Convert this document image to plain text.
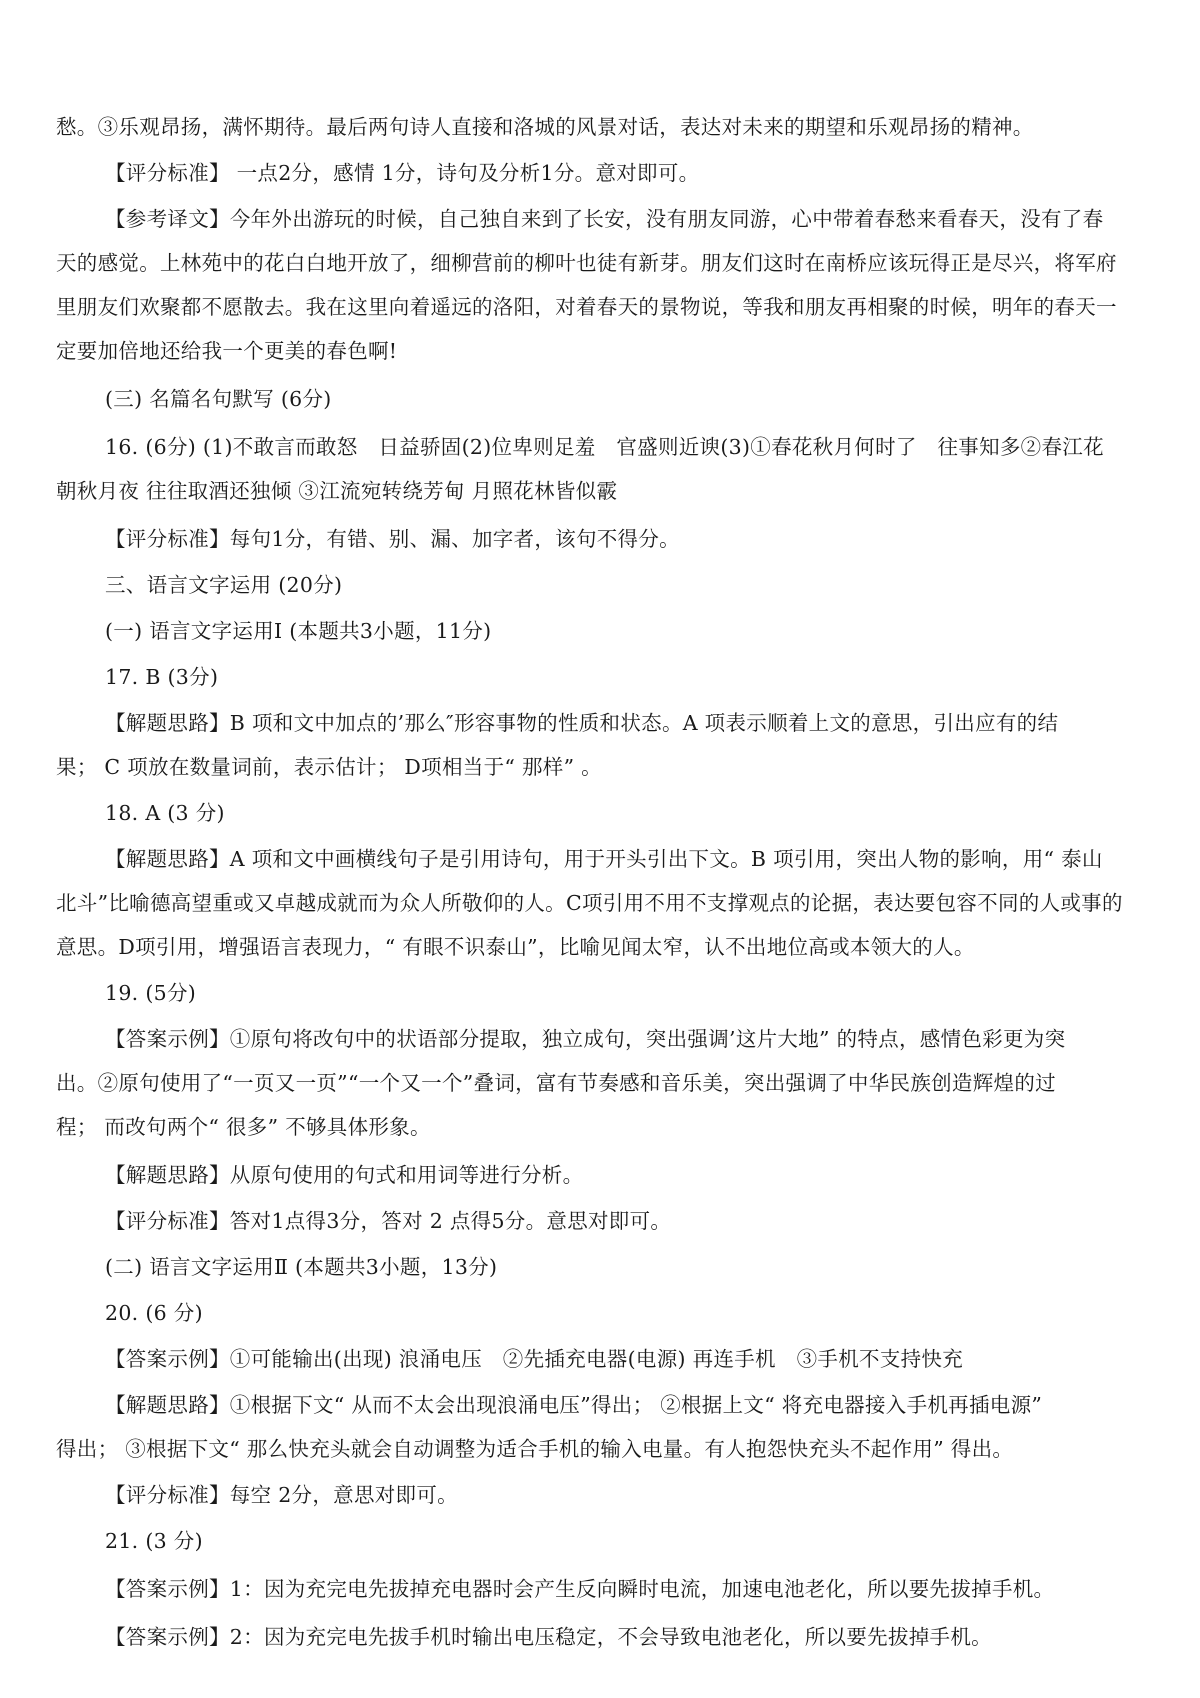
愁。③乐观昂扬，满怀期待。最后两句诗人直接和洛城的风景对话，表达对未来的期望和乐观昂扬的精神。

【评分标准】 一点2分，感情 1分，诗句及分析1分。意对即可。

【参考译文】今年外出游玩的时候，自己独自来到了长安，没有朋友同游，心中带着春愁来看春天，没有了春

天的感觉。上林苑中的花白白地开放了，细柳营前的柳叶也徒有新芽。朋友们这时在南桥应该玩得正是尽兴，将军府

里朋友们欢聚都不愿散去。我在这里向着遥远的洛阳，对着春天的景物说，等我和朋友再相聚的时候，明年的春天一

定要加倍地还给我一个更美的春色啊!

(三) 名篇名句默写 (6分)

16. (6分) (1)不敢言而敢怒　日益骄固(2)位卑则足羞　官盛则近谀(3)①春花秋月何时了　往事知多②春江花

朝秋月夜 往往取酒还独倾 ③江流宛转绕芳甸 月照花林皆似霰

【评分标准】每句1分，有错、别、漏、加字者，该句不得分。

三、语言文字运用 (20分)

(一) 语言文字运用Ⅰ (本题共3小题，11分)

17. B (3分)

【解题思路】B 项和文中加点的’那么″形容事物的性质和状态。A 项表示顺着上文的意思，引出应有的结

果； C 项放在数量词前，表示估计； D项相当于“ 那样” 。

18. A (3 分)

【解题思路】A 项和文中画横线句子是引用诗句，用于开头引出下文。B 项引用，突出人物的影响，用“ 泰山

北斗”比喻德高望重或又卓越成就而为众人所敬仰的人。C项引用不用不支撑观点的论据，表达要包容不同的人或事的

意思。D项引用，增强语言表现力，“ 有眼不识泰山”，比喻见闻太窄，认不出地位高或本领大的人。

19. (5分)

【答案示例】①原句将改句中的状语部分提取，独立成句，突出强调’这片大地” 的特点，感情色彩更为突

出。②原句使用了“一页又一页”“一个又一个”叠词，富有节奏感和音乐美，突出强调了中华民族创造辉煌的过

程； 而改句两个“ 很多” 不够具体形象。

【解题思路】从原句使用的句式和用词等进行分析。

【评分标准】答对1点得3分，答对 2 点得5分。意思对即可。

(二) 语言文字运用Ⅱ (本题共3小题，13分)

20. (6 分)

【答案示例】①可能输出(出现) 浪涌电压　②先插充电器(电源) 再连手机　③手机不支持快充

【解题思路】①根据下文“ 从而不太会出现浪涌电压”得出； ②根据上文“ 将充电器接入手机再插电源”

得出； ③根据下文“ 那么快充头就会自动调整为适合手机的输入电量。有人抱怨快充头不起作用” 得出。

【评分标准】每空 2分，意思对即可。

21. (3 分)

【答案示例】1：因为充完电先拔掉充电器时会产生反向瞬时电流，加速电池老化，所以要先拔掉手机。

【答案示例】2：因为充完电先拔手机时输出电压稳定，不会导致电池老化，所以要先拔掉手机。
